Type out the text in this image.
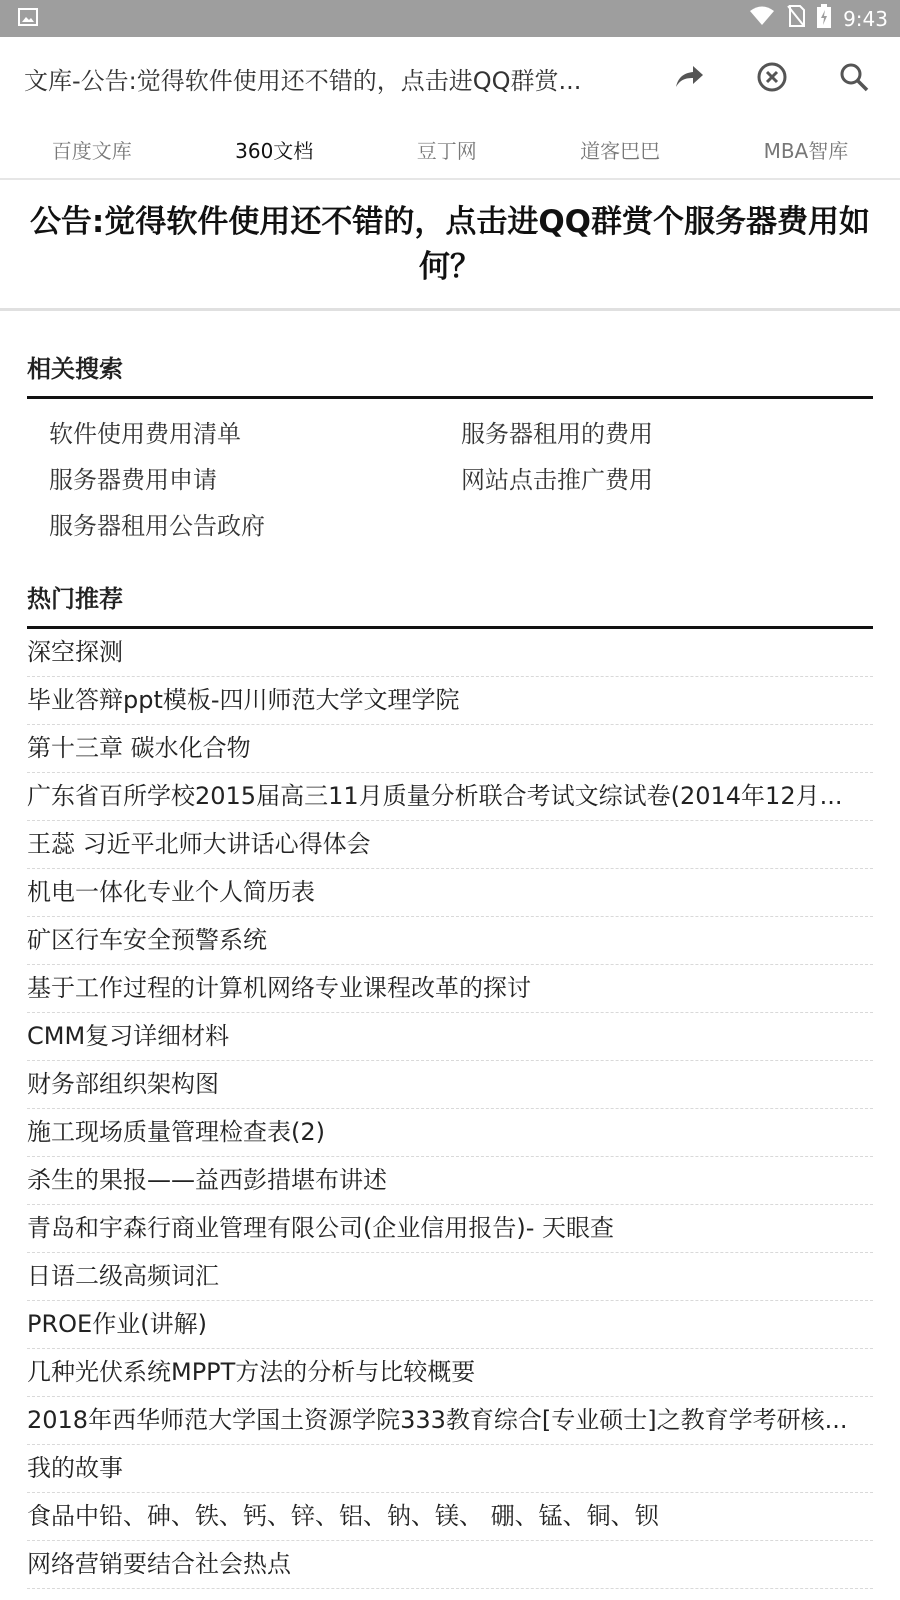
9:43
文库-公告:觉得软件使用还不错的，点击进QQ群赏...
百度文库	360文档	豆丁网	道客巴巴	MBA智库
公告:觉得软件使用还不错的，点击进QQ群赏个服务器费用如何？
相关搜索
软件使用费用清单	服务器租用的费用
服务器费用申请	网站点击推广费用
服务器租用公告政府
热门推荐
深空探测
毕业答辩ppt模板-四川师范大学文理学院
第十三章 碳水化合物
广东省百所学校2015届高三11月质量分析联合考试文综试卷(2014年12月...
王蕊 习近平北师大讲话心得体会
机电一体化专业个人简历表
矿区行车安全预警系统
基于工作过程的计算机网络专业课程改革的探讨
CMM复习详细材料
财务部组织架构图
施工现场质量管理检查表(2)
杀生的果报——益西彭措堪布讲述
青岛和宇森行商业管理有限公司(企业信用报告)- 天眼查
日语二级高频词汇
PROE作业(讲解)
几种光伏系统MPPT方法的分析与比较概要
2018年西华师范大学国土资源学院333教育综合[专业硕士]之教育学考研核...
我的故事
食品中铅、砷、铁、钙、锌、铝、钠、镁、 硼、锰、铜、钡
网络营销要结合社会热点
